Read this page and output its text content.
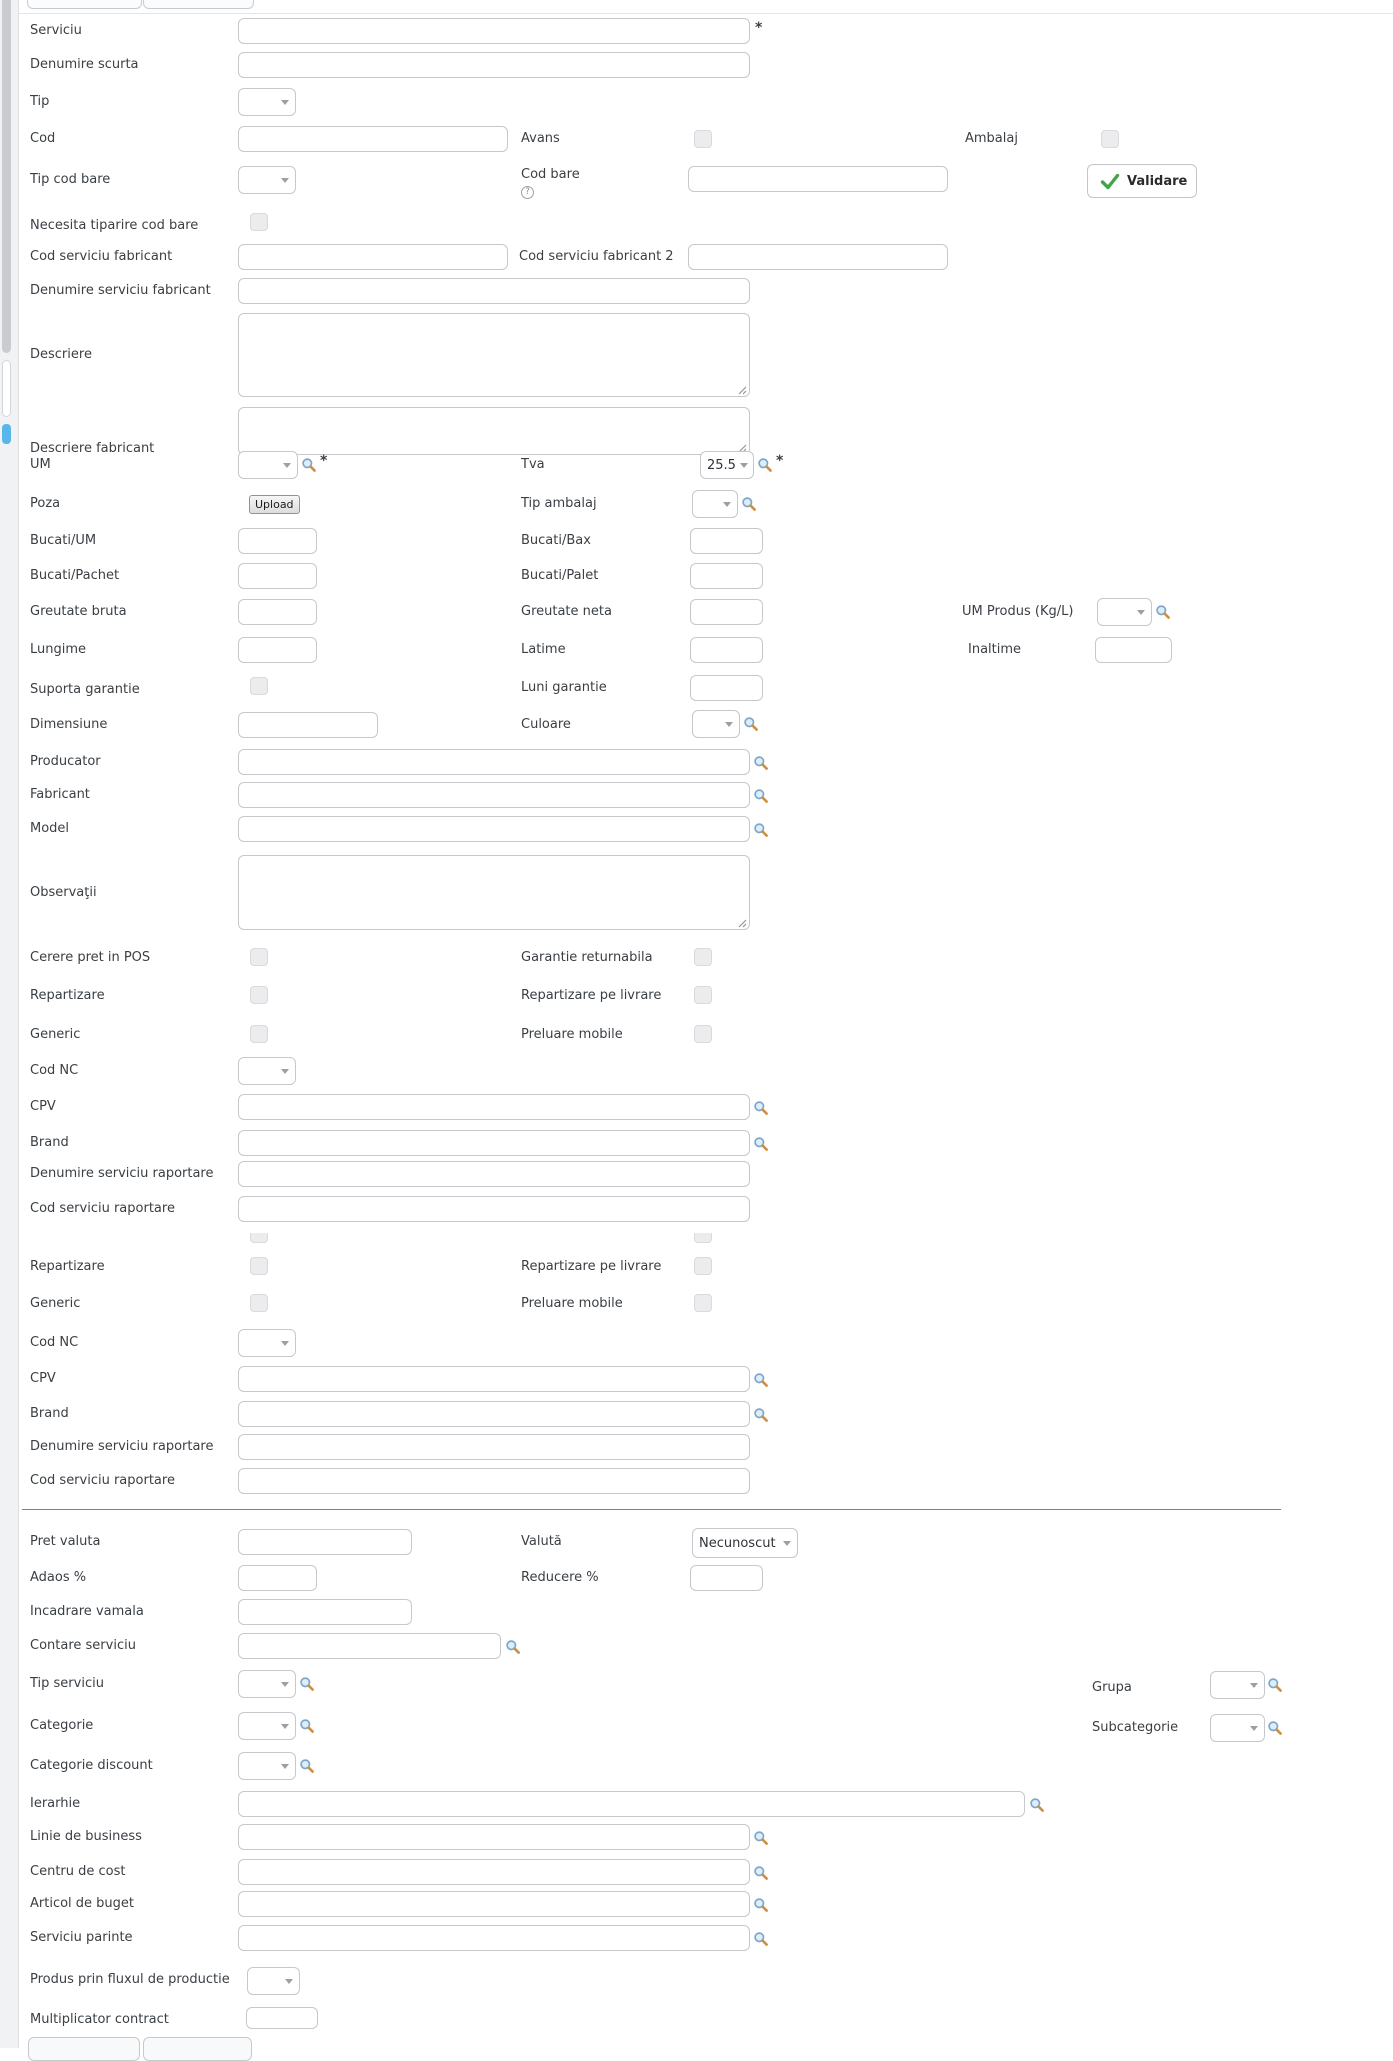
Serviciu	*
Denumire scurta
Tip
Cod	Avans	Ambalaj
Tip cod bare	Cod bare
?
Validare
Necesita tiparire cod bare
Cod serviciu fabricant	Cod serviciu fabricant 2
Denumire serviciu fabricant
Descriere
Descriere fabricant
UM	*	Tva	25.5	*
Poza	Upload	Tip ambalaj
Bucati/UM	Bucati/Bax
Bucati/Pachet	Bucati/Palet
Greutate bruta	Greutate neta	UM Produs (Kg/L)
Lungime	Latime	Inaltime
Suporta garantie	Luni garantie
Dimensiune	Culoare
Producator
Fabricant
Model
Observaţii
Cerere pret in POS	Garantie returnabila
Repartizare	Repartizare pe livrare
Generic	Preluare mobile
Cod NC
CPV
Brand
Denumire serviciu raportare
Cod serviciu raportare
Repartizare	Repartizare pe livrare
Generic	Preluare mobile
Cod NC
CPV
Brand
Denumire serviciu raportare
Cod serviciu raportare
Pret valuta	Valută	Necunoscut
Adaos %	Reducere %
Incadrare vamala
Contare serviciu
Tip serviciu	Grupa
Categorie	Subcategorie
Categorie discount
Ierarhie
Linie de business
Centru de cost
Articol de buget
Serviciu parinte
Produs prin fluxul de productie
Multiplicator contract
